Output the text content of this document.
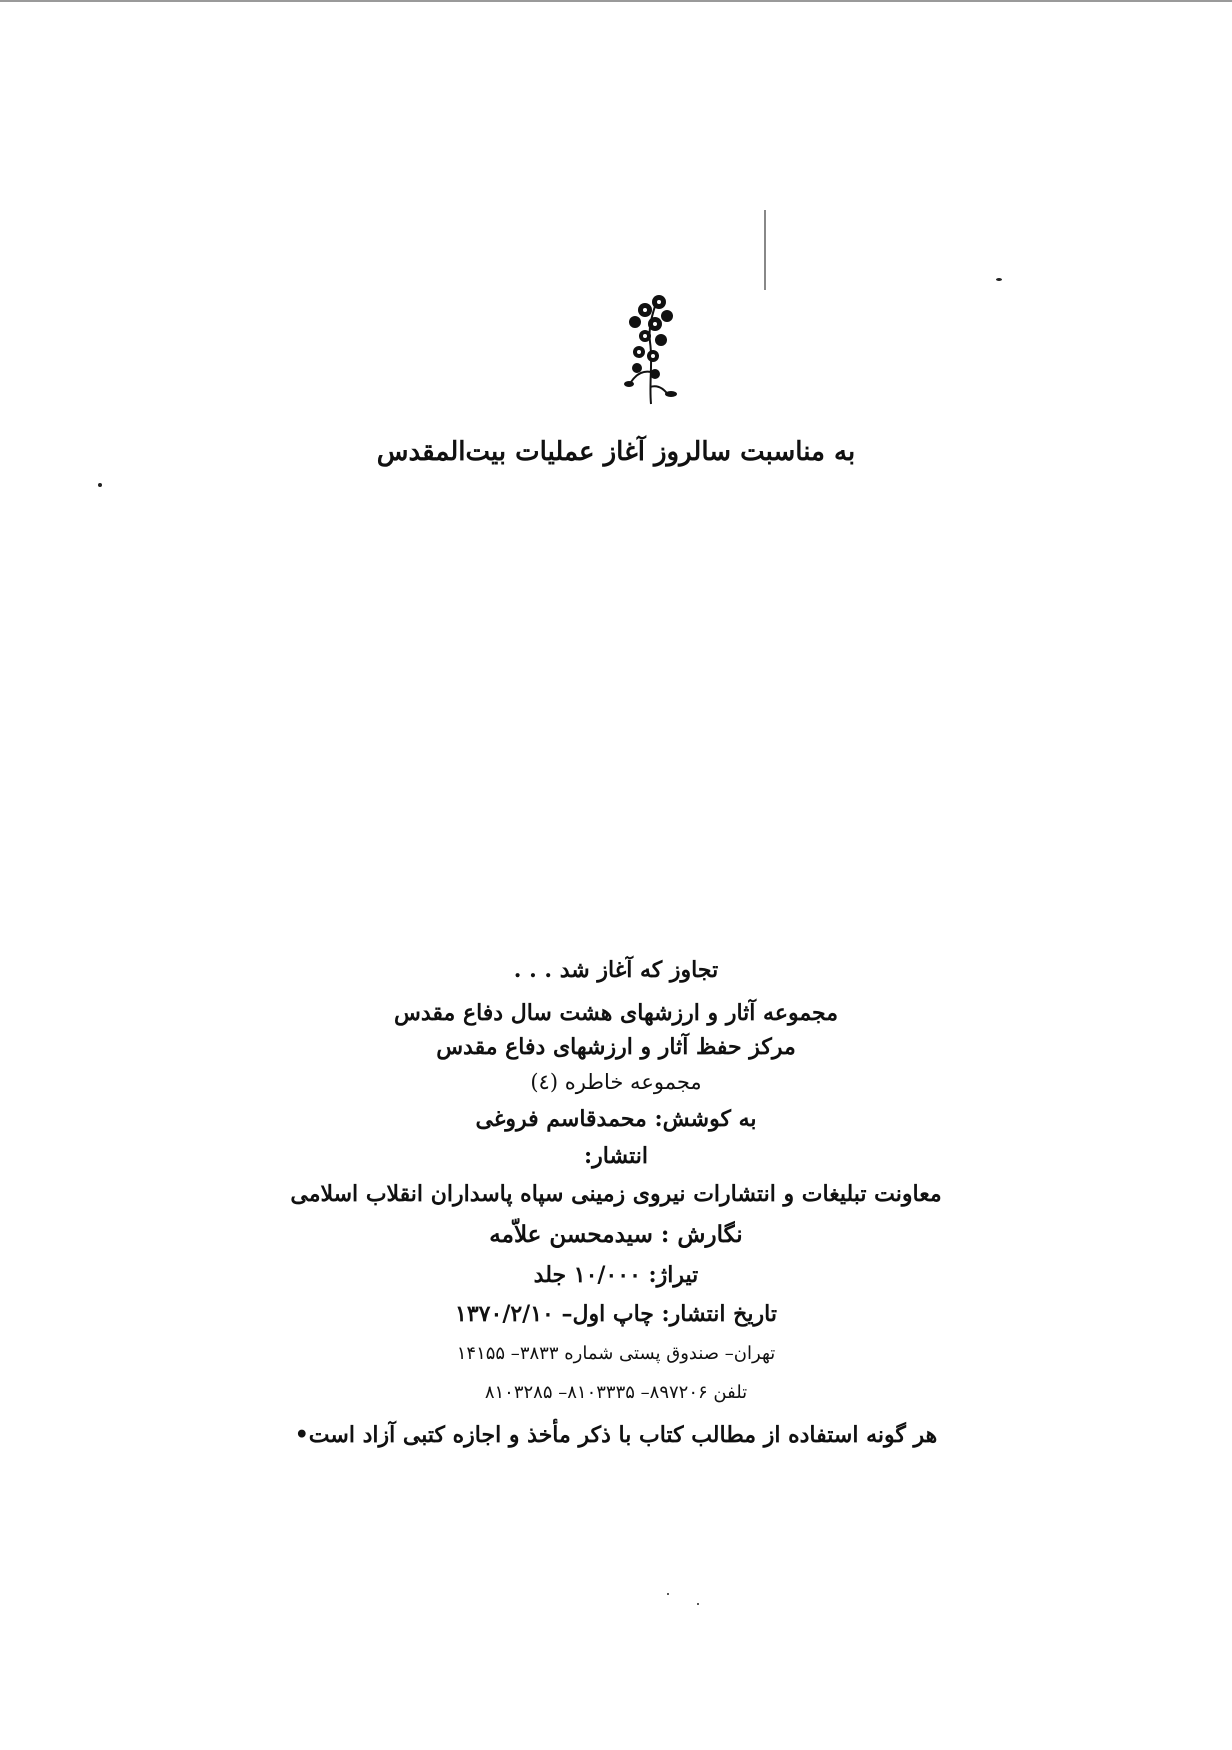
به مناسبت سالروز آغاز عملیات بیت‌المقدس
تجاوز که آغاز شد . . .
مجموعه آثار و ارزشهای هشت سال دفاع مقدس
مرکز حفظ آثار و ارزشهای دفاع مقدس
مجموعه خاطره (٤)
به کوشش: محمدقاسم فروغی
انتشار:
معاونت تبلیغات و انتشارات نیروی زمینی سپاه پاسداران انقلاب اسلامی
نگارش : سیدمحسن علاّمه
تیراژ: ۱۰/۰۰۰ جلد
تاریخ انتشار: چاپ اول– ۱۳۷۰/۲/۱۰
تهران– صندوق پستی شماره ۳۸۳۳– ۱۴۱۵۵
تلفن ۸۹۷۲۰۶– ۸۱۰۳۳۳۵– ۸۱۰۳۲۸۵
هر گونه استفاده از مطالب کتاب با ذکر مأخذ و اجازه کتبی آزاد است•
